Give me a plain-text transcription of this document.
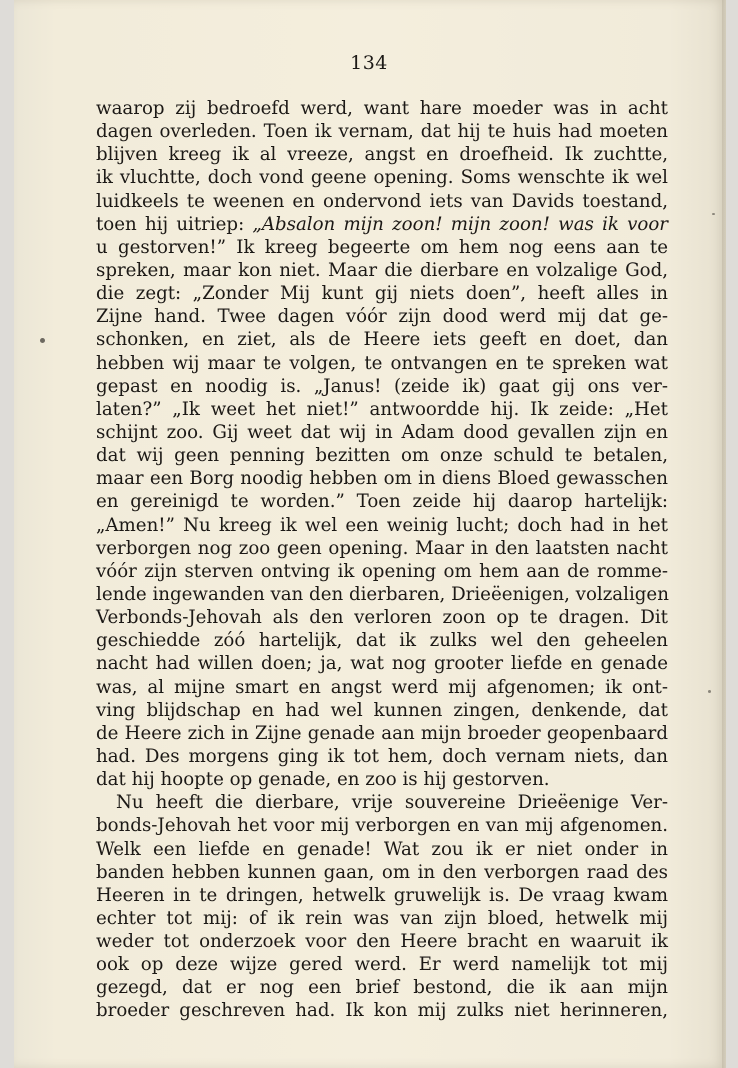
134
waarop zij bedroefd werd, want hare moeder was in acht
dagen overleden. Toen ik vernam, dat hij te huis had moeten
blijven kreeg ik al vreeze, angst en droefheid. Ik zuchtte,
ik vluchtte, doch vond geene opening. Soms wenschte ik wel
luidkeels te weenen en ondervond iets van Davids toestand,
toen hij uitriep: „Absalon mijn zoon! mijn zoon! was ik voor
u gestorven!” Ik kreeg begeerte om hem nog eens aan te
spreken, maar kon niet. Maar die dierbare en volzalige God,
die zegt: „Zonder Mij kunt gij niets doen”, heeft alles in
Zijne hand. Twee dagen vóór zijn dood werd mij dat ge-
schonken, en ziet, als de Heere iets geeft en doet, dan
hebben wij maar te volgen, te ontvangen en te spreken wat
gepast en noodig is. „Janus! (zeide ik) gaat gij ons ver-
laten?” „Ik weet het niet!” antwoordde hij. Ik zeide: „Het
schijnt zoo. Gij weet dat wij in Adam dood gevallen zijn en
dat wij geen penning bezitten om onze schuld te betalen,
maar een Borg noodig hebben om in diens Bloed gewasschen
en gereinigd te worden.” Toen zeide hij daarop hartelijk:
„Amen!” Nu kreeg ik wel een weinig lucht; doch had in het
verborgen nog zoo geen opening. Maar in den laatsten nacht
vóór zijn sterven ontving ik opening om hem aan de romme-
lende ingewanden van den dierbaren, Drieëenigen, volzaligen
Verbonds-Jehovah als den verloren zoon op te dragen. Dit
geschiedde zóó hartelijk, dat ik zulks wel den geheelen
nacht had willen doen; ja, wat nog grooter liefde en genade
was, al mijne smart en angst werd mij afgenomen; ik ont-
ving blijdschap en had wel kunnen zingen, denkende, dat
de Heere zich in Zijne genade aan mijn broeder geopenbaard
had. Des morgens ging ik tot hem, doch vernam niets, dan
dat hij hoopte op genade, en zoo is hij gestorven.
Nu heeft die dierbare, vrije souvereine Drieëenige Ver-
bonds-Jehovah het voor mij verborgen en van mij afgenomen.
Welk een liefde en genade! Wat zou ik er niet onder in
banden hebben kunnen gaan, om in den verborgen raad des
Heeren in te dringen, hetwelk gruwelijk is. De vraag kwam
echter tot mij: of ik rein was van zijn bloed, hetwelk mij
weder tot onderzoek voor den Heere bracht en waaruit ik
ook op deze wijze gered werd. Er werd namelijk tot mij
gezegd, dat er nog een brief bestond, die ik aan mijn
broeder geschreven had. Ik kon mij zulks niet herinneren,
